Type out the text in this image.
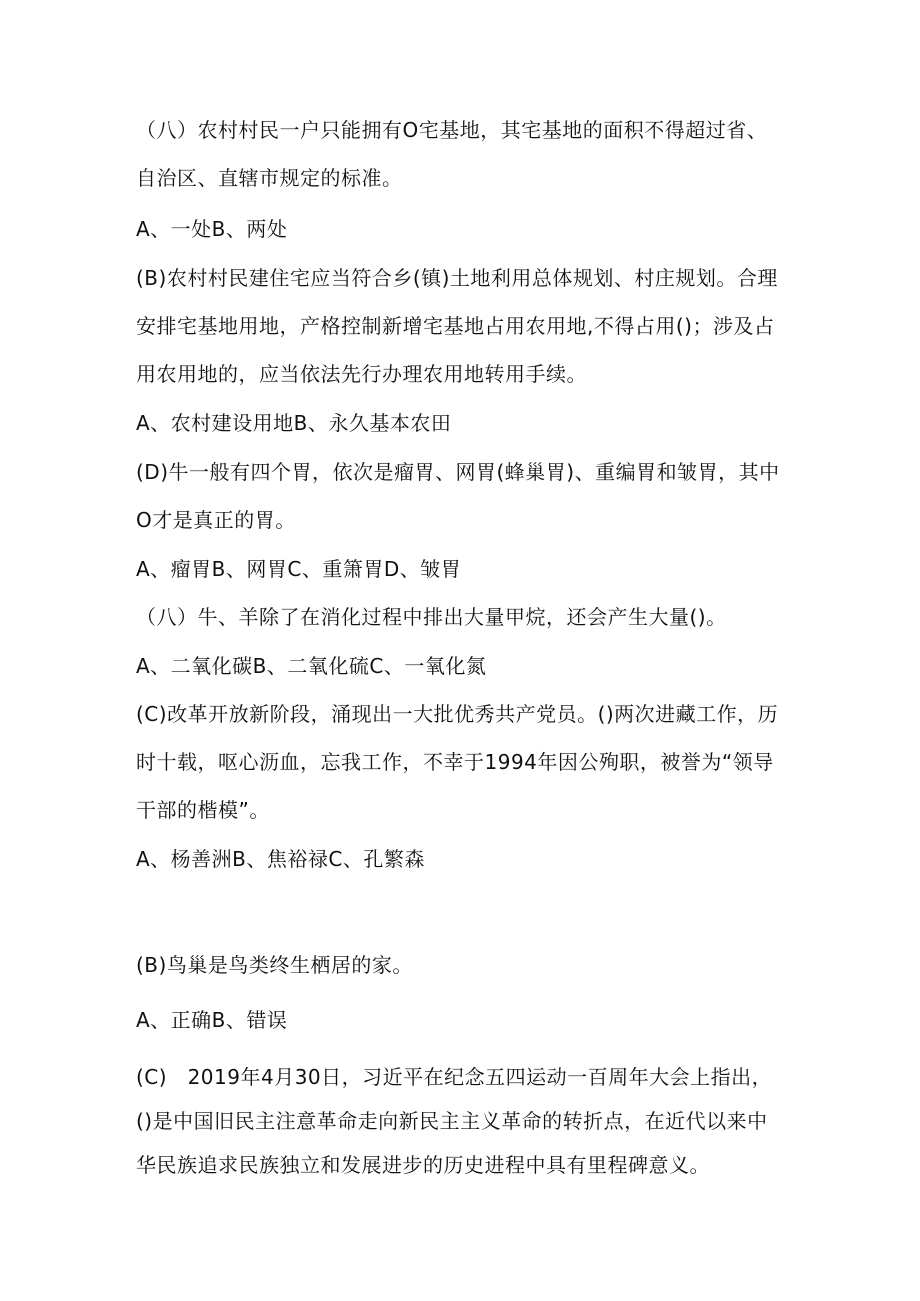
（八）农村村民一户只能拥有O宅基地，其宅基地的面积不得超过省、自治区、直辖市规定的标准。

A、一处B、两处

(B)农村村民建住宅应当符合乡(镇)土地利用总体规划、村庄规划。合理安排宅基地用地，产格控制新增宅基地占用农用地,不得占用()；涉及占用农用地的，应当依法先行办理农用地转用手续。

A、农村建设用地B、永久基本农田

(D)牛一般有四个胃，依次是瘤胃、网胃(蜂巢胃)、重编胃和皱胃，其中O才是真正的胃。

A、瘤胃B、网胃C、重箫胃D、皱胃

（八）牛、羊除了在消化过程中排出大量甲烷，还会产生大量()。

A、二氧化碳B、二氧化硫C、一氧化氮

(C)改革开放新阶段，涌现出一大批优秀共产党员。()两次进藏工作，历时十载，呕心沥血，忘我工作，不幸于1994年因公殉职，被誉为“领导干部的楷模”。

A、杨善洲B、焦裕禄C、孔繁森

(B)鸟巢是鸟类终生栖居的家。

A、正确B、错误

(C)　2019年4月30日，习近平在纪念五四运动一百周年大会上指出，()是中国旧民主注意革命走向新民主主义革命的转折点，在近代以来中华民族追求民族独立和发展进步的历史进程中具有里程碑意义。
